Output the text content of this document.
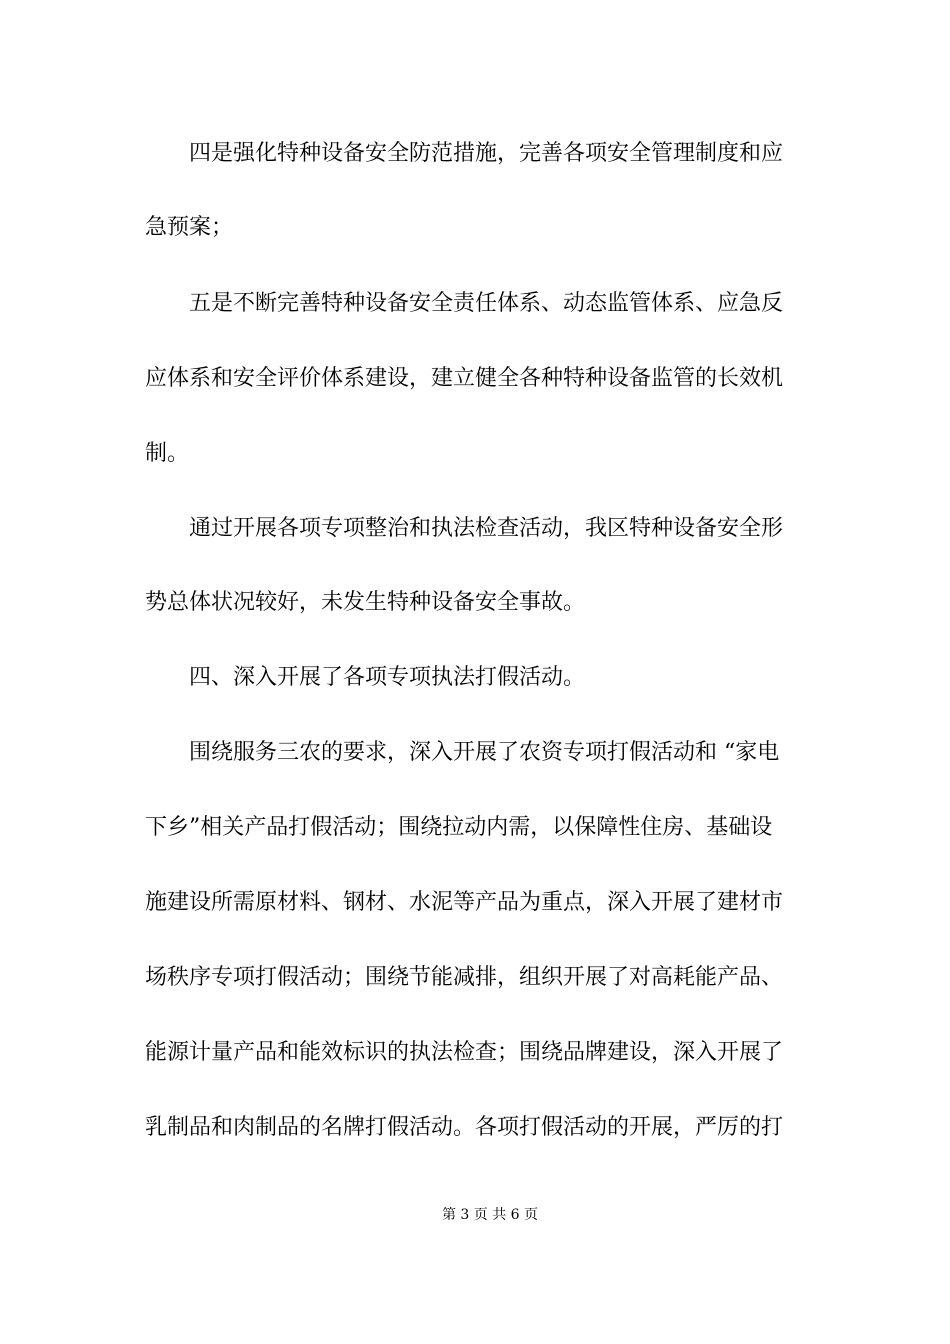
四是强化特种设备安全防范措施，完善各项安全管理制度和应
急预案；
五是不断完善特种设备安全责任体系、动态监管体系、应急反
应体系和安全评价体系建设，建立健全各种特种设备监管的长效机
制。
通过开展各项专项整治和执法检查活动，我区特种设备安全形
势总体状况较好，未发生特种设备安全事故。
四、深入开展了各项专项执法打假活动。
围绕服务三农的要求，深入开展了农资专项打假活动和 “家电
下乡”相关产品打假活动；围绕拉动内需，以保障性住房、基础设
施建设所需原材料、钢材、水泥等产品为重点，深入开展了建材市
场秩序专项打假活动；围绕节能减排，组织开展了对高耗能产品、
能源计量产品和能效标识的执法检查；围绕品牌建设，深入开展了
乳制品和肉制品的名牌打假活动。各项打假活动的开展，严厉的打
第 3 页 共 6 页
